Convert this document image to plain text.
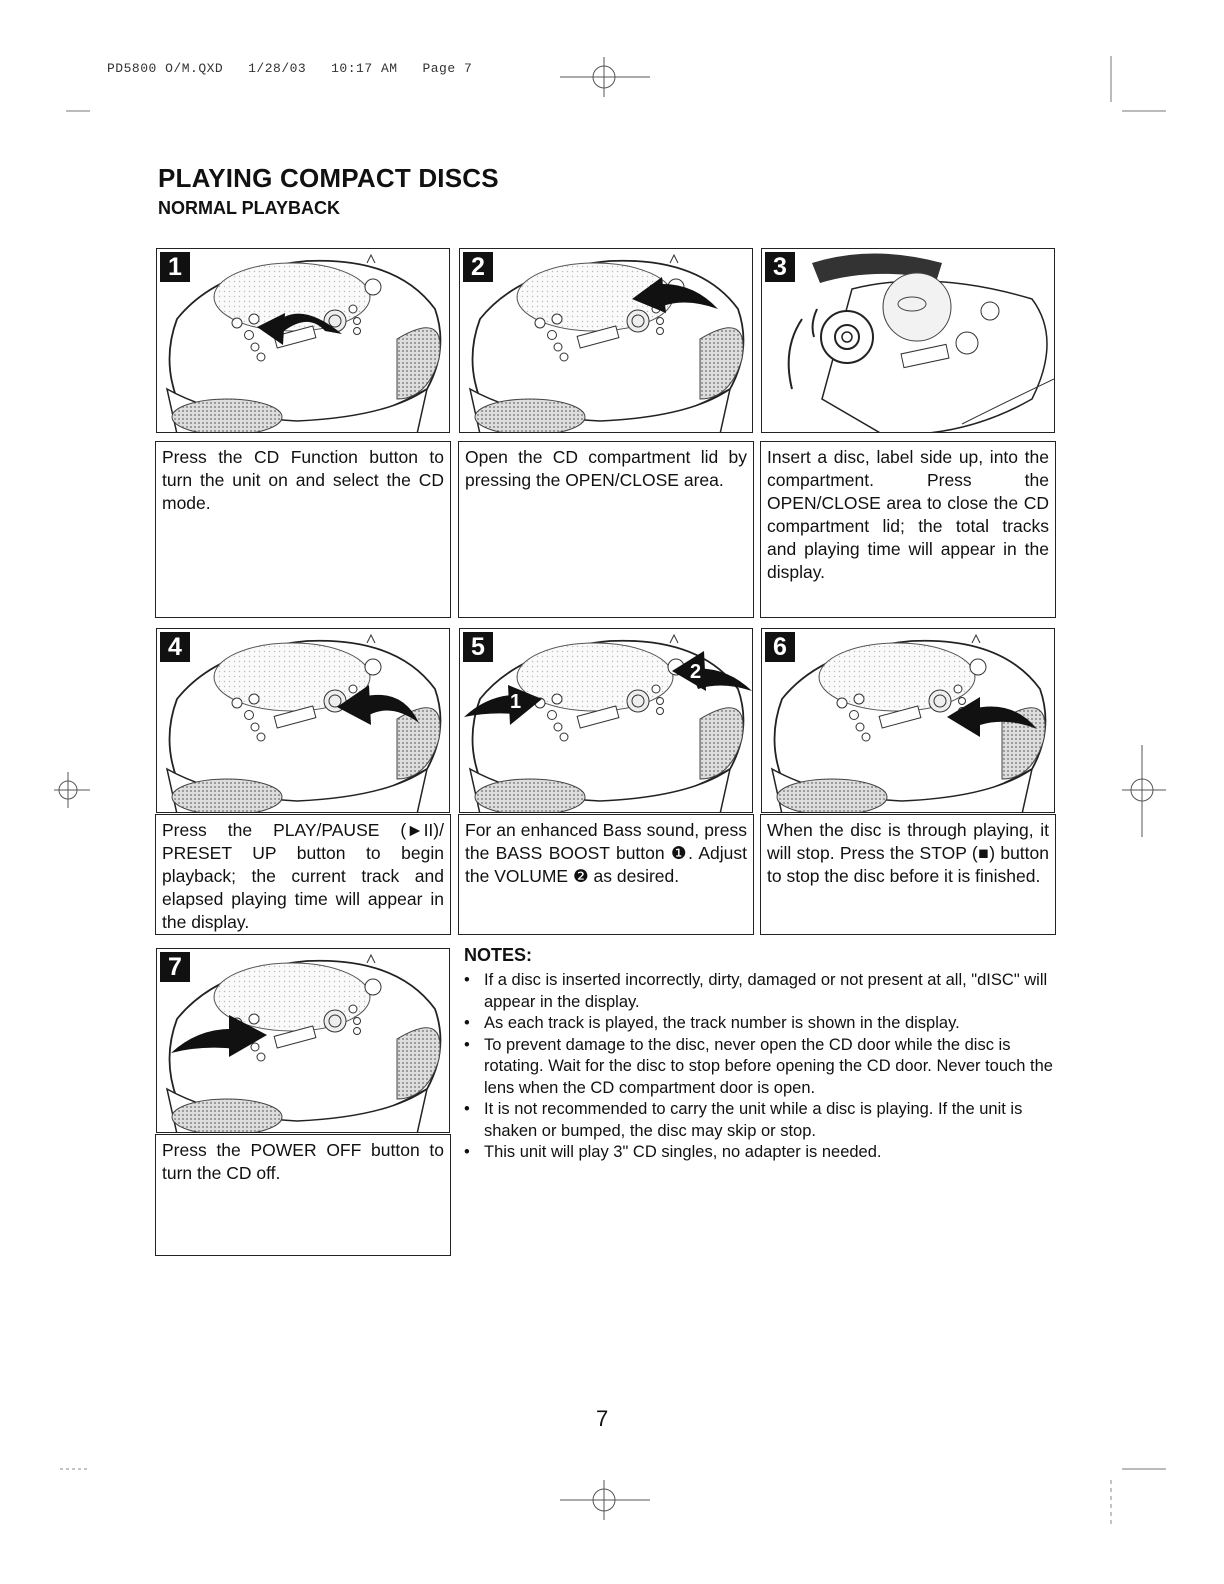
PD5800 O/M.QXD   1/28/03   10:17 AM   Page 7
PLAYING COMPACT DISCS
NORMAL PLAYBACK
1
Press the CD Function button to turn the unit on and select the CD mode.
2
Open the CD compartment lid by pressing the OPEN/CLOSE area.
3
Insert a disc, label side up, into the compartment. Press the OPEN/CLOSE area to close the CD compartment lid; the total tracks and playing time will appear in the display.
4
Press the PLAY/PAUSE (►II)/ PRESET UP button to begin playback; the current track and elapsed playing time will appear in the display.
5
1
2
For an enhanced Bass sound, press the BASS BOOST button ❶. Adjust the VOLUME ❷ as desired.
6
When the disc is through playing, it will stop. Press the STOP (■) button to stop the disc before it is finished.
7
Press the POWER OFF button to turn the CD off.
NOTES:
• If a disc is inserted incorrectly, dirty, damaged or not present at all, "dISC" will appear in the display.
• As each track is played, the track number is shown in the display.
• To prevent damage to the disc, never open the CD door while the disc is rotating. Wait for the disc to stop before opening the CD door. Never touch the lens when the CD compartment door is open.
• It is not recommended to carry the unit while a disc is playing. If the unit is shaken or bumped, the disc may skip or stop.
• This unit will play 3" CD singles, no adapter is needed.
7
